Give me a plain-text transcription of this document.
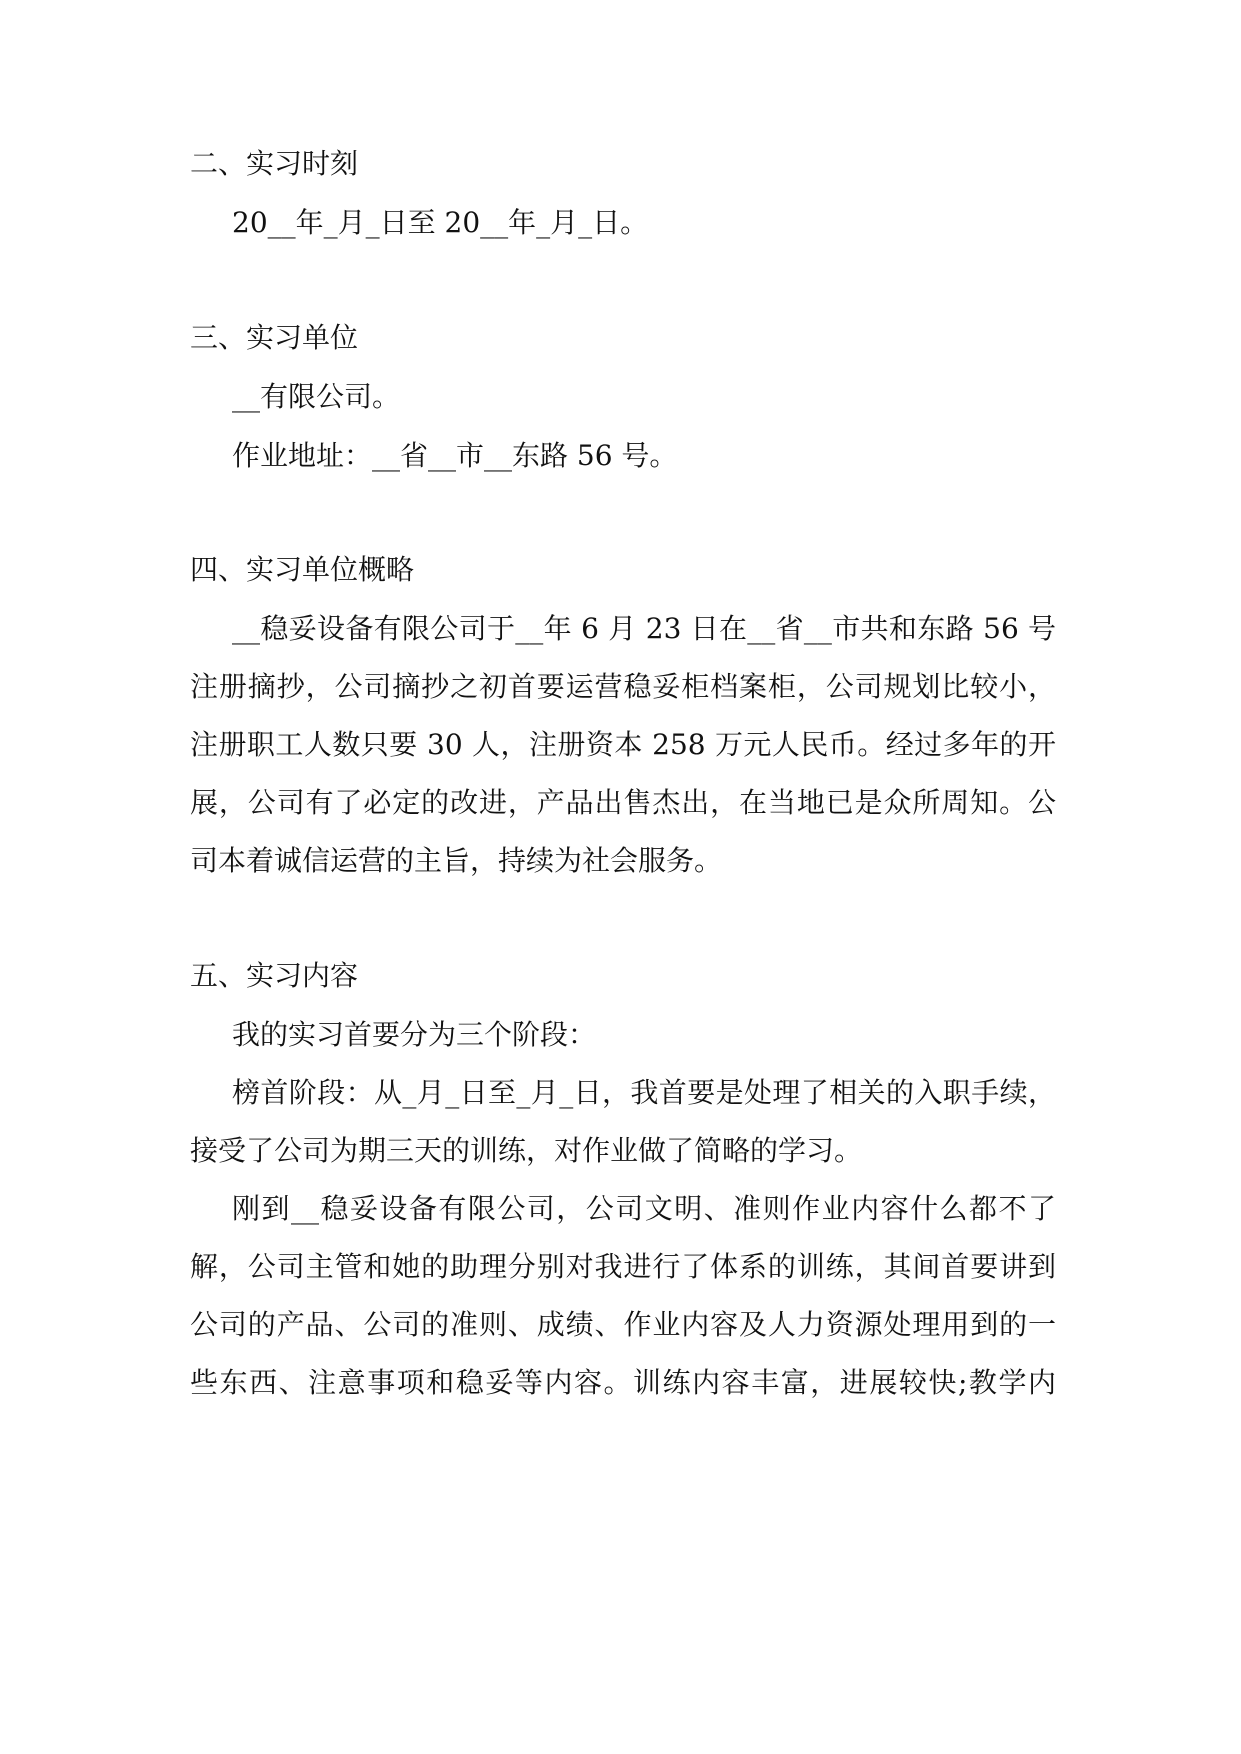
二、实习时刻
20__年_月_日至 20__年_月_日。
三、实习单位
__有限公司。
作业地址：__省__市__东路 56 号。
四、实习单位概略
__稳妥设备有限公司于__年 6 月 23 日在__省__市共和东路 56 号
注册摘抄，公司摘抄之初首要运营稳妥柜档案柜，公司规划比较小，
注册职工人数只要 30 人，注册资本 258 万元人民币。经过多年的开
展，公司有了必定的改进，产品出售杰出，在当地已是众所周知。公
司本着诚信运营的主旨，持续为社会服务。
五、实习内容
我的实习首要分为三个阶段：
榜首阶段：从_月_日至_月_日，我首要是处理了相关的入职手续，
接受了公司为期三天的训练，对作业做了简略的学习。
刚到__稳妥设备有限公司，公司文明、准则作业内容什么都不了
解，公司主管和她的助理分别对我进行了体系的训练，其间首要讲到
公司的产品、公司的准则、成绩、作业内容及人力资源处理用到的一
些东西、注意事项和稳妥等内容。训练内容丰富，进展较快;教学内
